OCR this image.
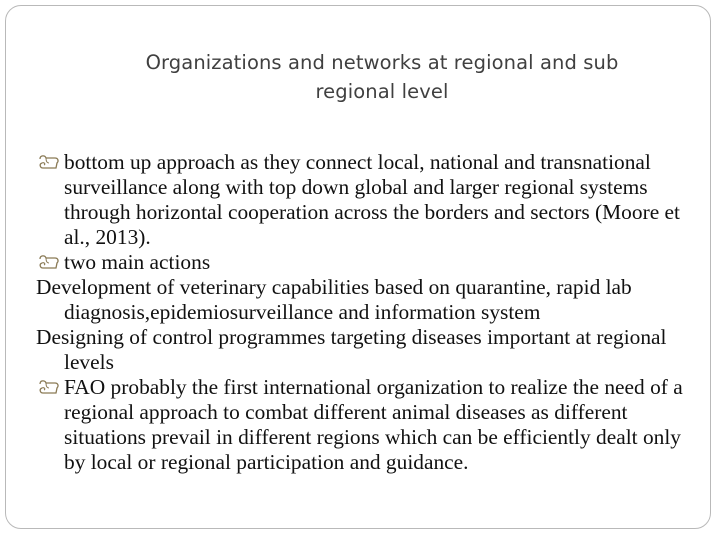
Organizations and networks at regional and sub
regional level
bottom up approach as they connect local, national and transnational surveillance along with top down global and larger regional systems through horizontal cooperation across the borders and sectors (Moore et al., 2013).
two main actions
Development of veterinary capabilities based on quarantine, rapid lab diagnosis,epidemiosurveillance and information system
Designing of control programmes targeting diseases important at regional levels
FAO probably the first international organization to realize the need of a regional approach to combat different animal diseases as different situations prevail in different regions which can be efficiently dealt only by local or regional participation and guidance.
